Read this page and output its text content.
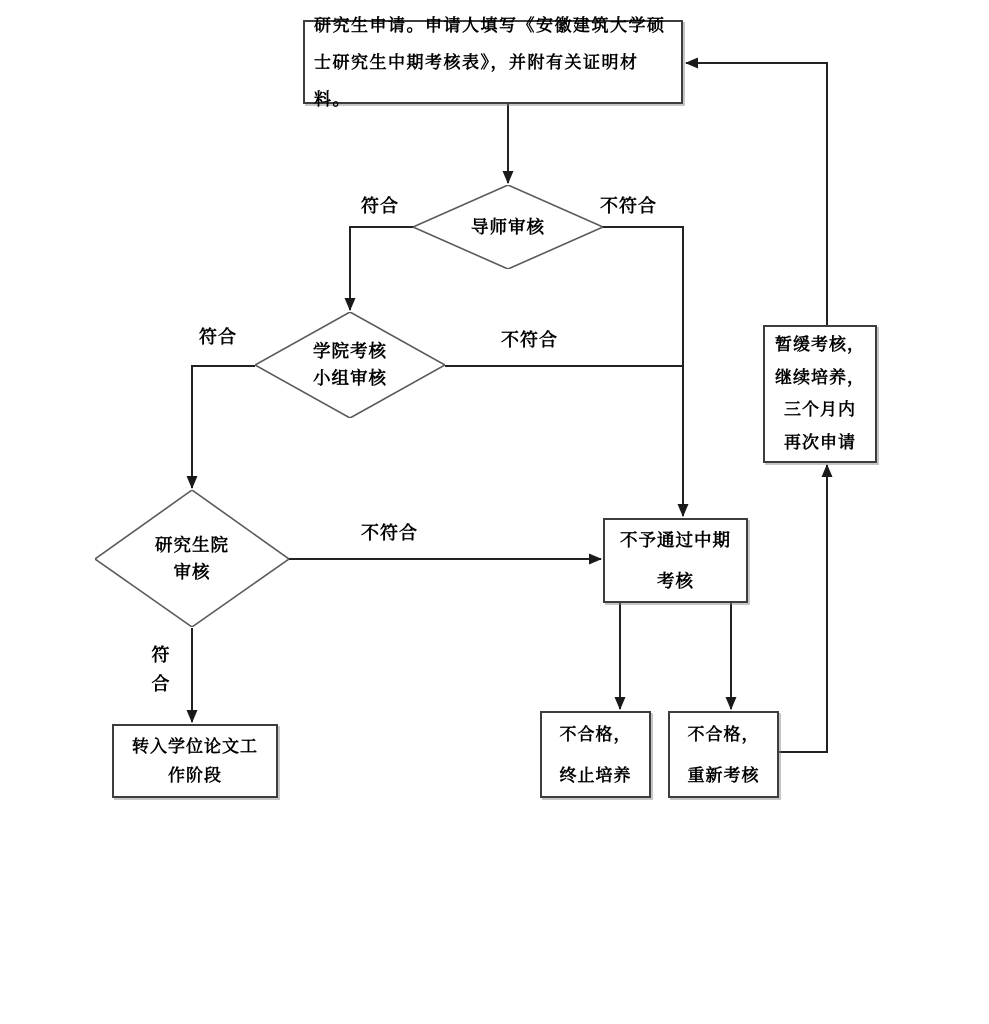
研究生申请。申请人填写《安徽建筑大学硕
士研究生中期考核表》，并附有关证明材料。
导师审核
学院考核
小组审核
研究生院
审核
不予通过中期
考核
转入学位论文工
作阶段
不合格，
终止培养
不合格，
重新考核
暂缓考核，
继续培养，
三个月内
再次申请
符合	不符合
符合	不符合
不符合
符合
